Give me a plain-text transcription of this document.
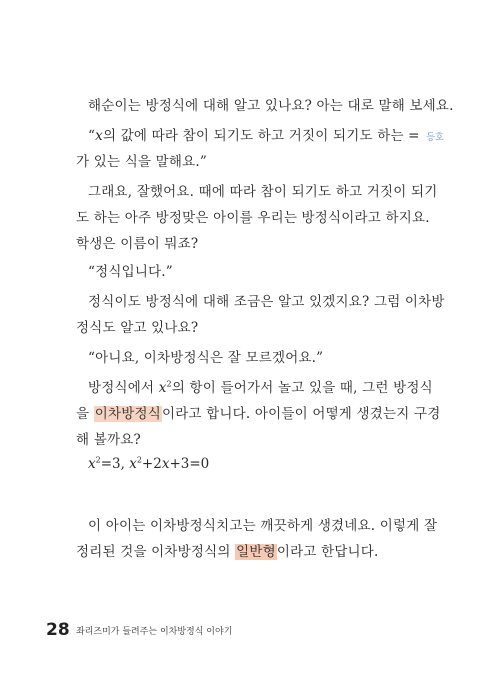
해순이는 방정식에 대해 알고 있나요? 아는 대로 말해 보세요.
“x의 값에 따라 참이 되기도 하고 거짓이 되기도 하는 = 등호
가 있는 식을 말해요.”
그래요, 잘했어요. 때에 따라 참이 되기도 하고 거짓이 되기
도 하는 아주 방정맞은 아이를 우리는 방정식이라고 하지요.
학생은 이름이 뭐죠?
“정식입니다.”
정식이도 방정식에 대해 조금은 알고 있겠지요? 그럼 이차방
정식도 알고 있나요?
“아니요, 이차방정식은 잘 모르겠어요.”
방정식에서 $x^2$의 항이 들어가서 놀고 있을 때, 그런 방정식
을 이차방정식이라고 합니다. 아이들이 어떻게 생겼는지 구경
해 볼까요?
$x^2=3$, $x^2+2x+3=0$
이 아이는 이차방정식치고는 깨끗하게 생겼네요. 이렇게 잘
정리된 것을 이차방정식의 일반형이라고 한답니다.
28 좌리즈미가 들려주는 이차방정식 이야기
